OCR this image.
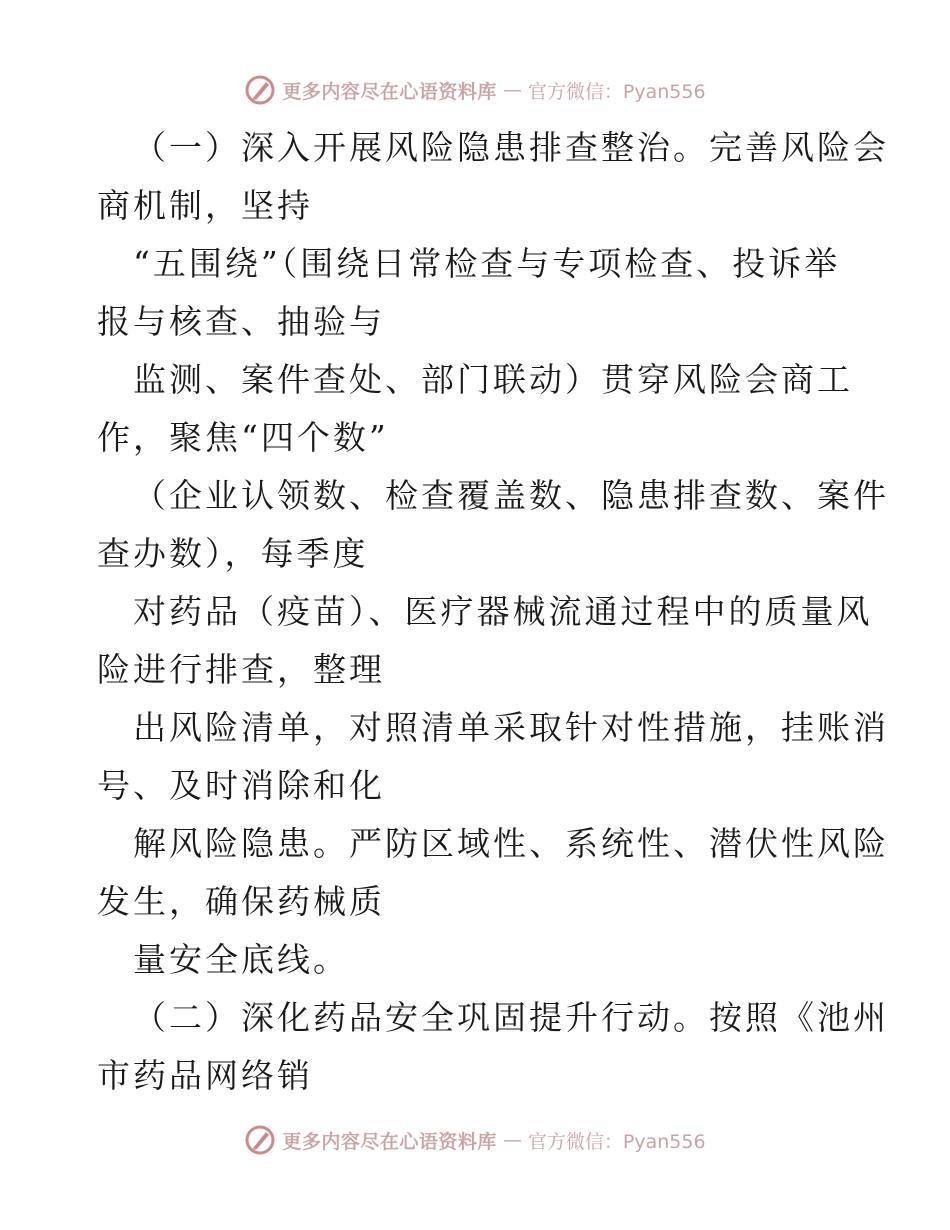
更多内容尽在心语资料库 — 官方微信：Pyan556
（一）深入开展风险隐患排查整治。完善风险会
商机制，坚持
“五围绕”（围绕日常检查与专项检查、投诉举
报与核查、抽验与
监测、案件查处、部门联动）贯穿风险会商工
作，聚焦“四个数”
（企业认领数、检查覆盖数、隐患排查数、案件
查办数），每季度
对药品（疫苗）、医疗器械流通过程中的质量风
险进行排查，整理
出风险清单，对照清单采取针对性措施，挂账消
号、及时消除和化
解风险隐患。严防区域性、系统性、潜伏性风险
发生，确保药械质
量安全底线。
（二）深化药品安全巩固提升行动。按照《池州
市药品网络销
更多内容尽在心语资料库 — 官方微信：Pyan556
